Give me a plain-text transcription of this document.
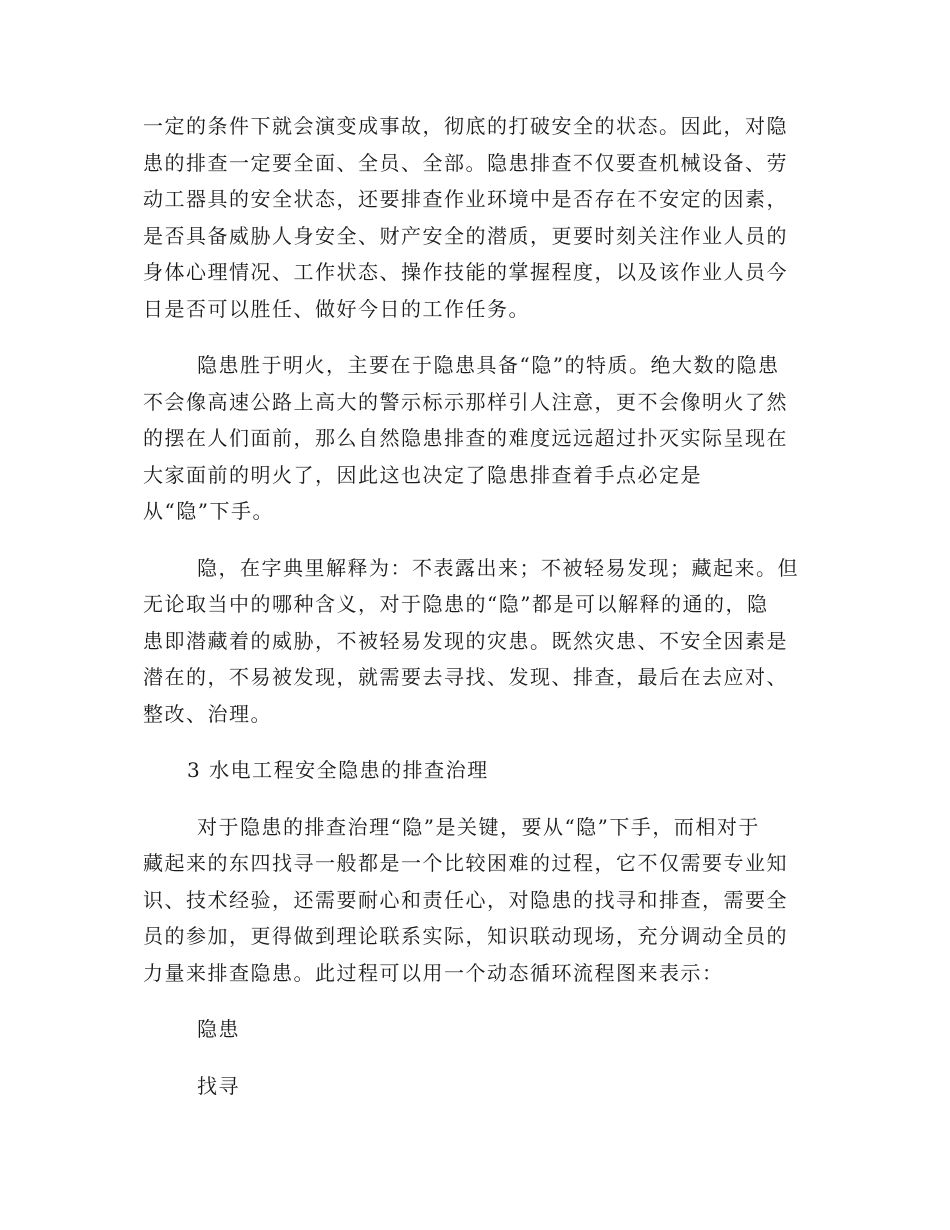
一定的条件下就会演变成事故，彻底的打破安全的状态。因此，对隐
患的排查一定要全面、全员、全部。隐患排查不仅要查机械设备、劳
动工器具的安全状态，还要排查作业环境中是否存在不安定的因素，
是否具备威胁人身安全、财产安全的潜质，更要时刻关注作业人员的
身体心理情况、工作状态、操作技能的掌握程度，以及该作业人员今
日是否可以胜任、做好今日的工作任务。

隐患胜于明火，主要在于隐患具备“隐”的特质。绝大数的隐患
不会像高速公路上高大的警示标示那样引人注意，更不会像明火了然
的摆在人们面前，那么自然隐患排查的难度远远超过扑灭实际呈现在
大家面前的明火了，因此这也决定了隐患排查着手点必定是
从“隐”下手。

隐，在字典里解释为：不表露出来；不被轻易发现；藏起来。但
无论取当中的哪种含义，对于隐患的“隐”都是可以解释的通的，隐
患即潜藏着的威胁，不被轻易发现的灾患。既然灾患、不安全因素是
潜在的，不易被发现，就需要去寻找、发现、排查，最后在去应对、
整改、治理。

3 水电工程安全隐患的排查治理

对于隐患的排查治理“隐”是关键，要从“隐”下手，而相对于
藏起来的东四找寻一般都是一个比较困难的过程，它不仅需要专业知
识、技术经验，还需要耐心和责任心，对隐患的找寻和排查，需要全
员的参加，更得做到理论联系实际，知识联动现场，充分调动全员的
力量来排查隐患。此过程可以用一个动态循环流程图来表示：

隐患

找寻
